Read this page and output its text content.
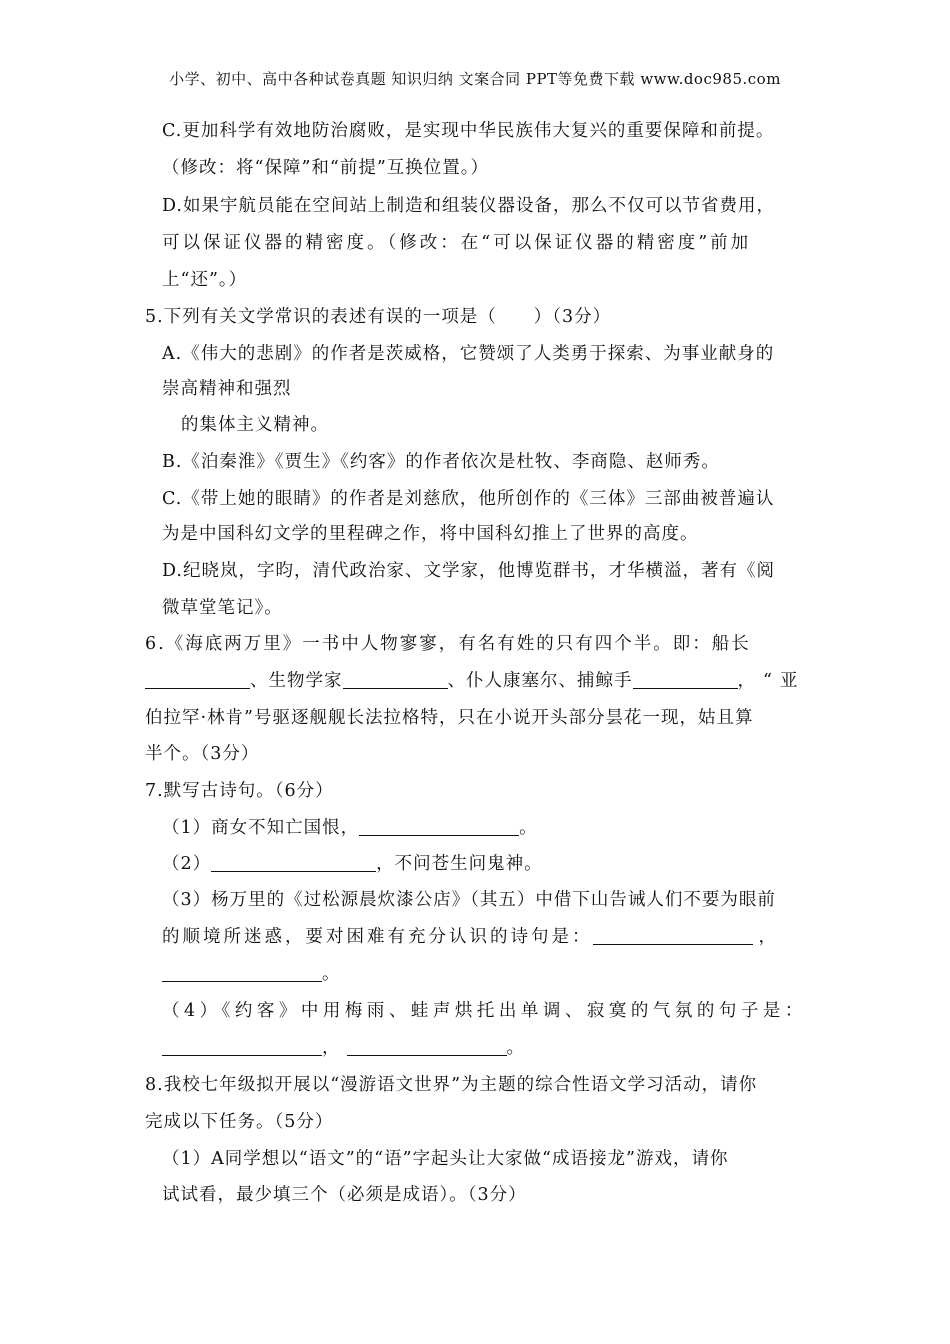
小学、初中、高中各种试卷真题 知识归纳 文案合同 PPT等免费下载 www.doc985.com
C.更加科学有效地防治腐败，是实现中华民族伟大复兴的重要保障和前提。
（修改：将“保障”和“前提”互换位置。）
D.如果宇航员能在空间站上制造和组装仪器设备，那么不仅可以节省费用，
可以保证仪器的精密度。（修改：在“可以保证仪器的精密度”前加
上“还”。）
5.下列有关文学常识的表述有误的一项是（　　）（3分）
A.《伟大的悲剧》的作者是茨威格，它赞颂了人类勇于探索、为事业献身的
崇高精神和强烈
的集体主义精神。
B.《泊秦淮》《贾生》《约客》的作者依次是杜牧、李商隐、赵师秀。
C.《带上她的眼睛》的作者是刘慈欣，他所创作的《三体》三部曲被普遍认
为是中国科幻文学的里程碑之作，将中国科幻推上了世界的高度。
D.纪晓岚，字昀，清代政治家、文学家，他博览群书，才华横溢，著有《阅
微草堂笔记》。
6.《海底两万里》一书中人物寥寥，有名有姓的只有四个半。即：船长
、生物学家	、仆人康塞尔、捕鲸手	，“亚
伯拉罕·林肯”号驱逐舰舰长法拉格特，只在小说开头部分昙花一现，姑且算
半个。（3分）
7.默写古诗句。（6分）
（1）商女不知亡国恨，	。
（2）	，不问苍生问鬼神。
（3）杨万里的《过松源晨炊漆公店》（其五）中借下山告诫人们不要为眼前
的顺境所迷惑，要对困难有充分认识的诗句是：	，
。
（4）《约客》中用梅雨、蛙声烘托出单调、寂寞的气氛的句子是：
，	。
8.我校七年级拟开展以“漫游语文世界”为主题的综合性语文学习活动，请你
完成以下任务。（5分）
（1）A同学想以“语文”的“语”字起头让大家做“成语接龙”游戏，请你
试试看，最少填三个（必须是成语）。（3分）
